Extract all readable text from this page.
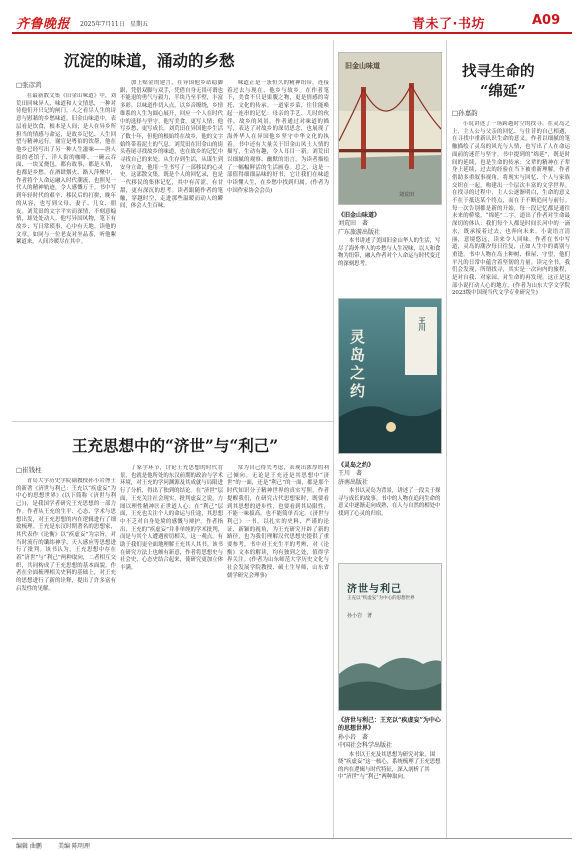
齐鲁晚报 2025年7月11日 星期五	青未了·书坊	A09
沉淀的味道，涌动的乡愁
□张彦鸿

在最新散文集《旧金山味道》中，刘荒田回味异人、味道和人文情思，一种对待他们开只记的闸门，人之看尽人生的诗意与慰藉的乡愁味道，旧金山味道中，表层看是饮食，根本是人间；是人在异乡所担当的情感与命运，是故乡记忆、人生回望与精神远行。谢宣是粤伯的饮帮，他在他乡已经写出了另一种人生滋味——唐人街的老馆子、洋人街的咖啡、一碗云吞面、一块叉烧包，都有故事，都是人情，也都是乡愁。在酒肆烟火、路人萍聚中，作者将个人命运融入时代潮流，也照见一代人的精神轨迹，令人感慨万千。书中写到年轻时代的艰辛、移民后的打拼、晚年的从容，也写到父母、妻子、儿女、朋友。刘荒田的文字平实而深情，不刻意煽情，却处处动人。他写异国风物，笔下有故乡；写日常琐事，心中有天地。读他的文章，如同与一位老友对坐品茶，听他絮絮道来，人间冷暖尽在其中。

加上贴金的建言，在异国他乡站稳脚跟，凭借双脚与双手，凭借自身无畏可谓也不能退的勇气与毅力，半块乃至半壁，丰富多彩。以味道作切入点，以乡音缭绕，乡情维系的人生为圆心展开，回应一个人在时代中的选择与坚守。他写美食，更写人情；他写乡愁，更写成长。刘荒田在异国他乡生活了数十年，但他的根始终在故乡，他的文字始终带着泥土的气息。刘荒田在旧金山的街头巷尾寻找故乡的味道，也在故乡的记忆中寻找自己的来处。从生存到生活，从谋生到安身立命，他用一生书写了一部移民的心灵史。这部散文集，既是个人的回忆录，也是一代移民的集体记忆，其中有苦涩，有甘甜，更有深沉的思考。读者跟随作者的笔触，穿越时空，走进那些温暖而动人的瞬间，体会人生百味。

味道正是一条恒久的精神纽带，连接着过去与现在、他乡与故乡。在作者笔下，美食不只是果腹之物，更是情感的寄托、文化的传承。一道家乡菜，往往能唤起一连串的记忆：母亲的手艺、儿时的伙伴、故乡的风景。作者通过对味道的描写，表达了对故乡的深切思念，也展现了海外华人在异国他乡坚守中华文化的执着。书中还有大量关于旧金山风土人情的描写，生动有趣，令人耳目一新。刘荒田以细腻的观察、幽默的语言，为读者描绘了一幅幅鲜活的生活画卷。总之，这是一部值得细细品味的好书，它让我们在味道中读懂人生，在乡愁中找到归属。(作者为中国作家协会会员)

王充思想中的“济世”与“利己”
□崔钱柱

青岛大学历史学院副教授孙小岩博士的新著《济世与利己：王充以“疾虚妄”为中心的思想世界》(以下简称《济世与利己》)，是我国学者研究王充思想的一部力作。作者从王充的生平、心态、学术与思想出发，对王充思想的内在逻辑进行了细致梳理。王充是东汉时期著名的思想家，其代表作《论衡》以“疾虚妄”为宗旨，对当时流行的谶纬神学、天人感应等思想进行了批判。该书认为，王充思想中存在着“济世”与“利己”两种取向，二者相互交织，共同构成了王充思想的基本面貌。作者在全面梳理相关史料的基础上，对王充的思想进行了新的诠释，提出了许多富有启发性的见解。

了家学环节，讨论王充思想的时代背景，也就是他所处的东汉前期的政治与学术环境，对王充的学问渊源及其成就与局限进行了分析，得出了独到的结论。在“济世”层面，王充关注社会现实，批判虚妄之说，力图以理性精神匡正世道人心；在“利己”层面，王充也关注个人的命运与仕途，其思想中不乏对自身处境的感慨与辩护。作者指出，王充的“疾虚妄”并非单纯的学术批判，而是与其个人遭遇密切相关。这一观点，有助于我们更全面地理解王充其人其书。该书在研究方法上也颇有新意，作者将思想史与社会史、心态史结合起来，使研究更加立体丰满。

常为自己得失考虑，表现出浓厚的利己倾向。无论是王充还是其思想中“济世”的一面，还是“利己”的一面，都是那个时代知识分子精神世界的真实写照。作者提醒我们，在研究古代思想家时，既要看到其思想的进步性，也要看到其局限性，不能一味拔高，也不能简单否定。《济世与利己》一书，以扎实的史料、严谨的论证、新颖的视角，为王充研究开辟了新的路径，也为我们理解汉代思想史提供了重要参考。书中对王充生平的考辨、对《论衡》文本的解读，均有独到之处，值得学界关注。(作者为山东师范大学历史文化与社会发展学院教授、硕士生导师，山东省儒学研究会理事)

旧金山味道
刘荒田
《旧金山味道》
刘荒田　著
广东旅游出版社
本书讲述了美国旧金山华人的生活，写尽了海外华人的乡愁与人生况味，以人和食物为纽带，融入作者对个人命运与时代变迁的深刻思考。
灵岛之约
王川
《灵岛之约》
王川　著
济南出版社
本书以灵岛为背景，讲述了一段关于探寻与成长的故事。书中的人物在追问生命的意义中逐渐走向成熟，在人与自然的相处中找到了心灵的归宿。
济世与利己
王充以“疾虚妄”为中心的思想世界
孙小岩　著
《济世与利己：王充以“疾虚妄”为中心的思想世界》
孙小岩　著
中国社会科学出版社
本书以王充及其思想为研究对象，围绕“疾虚妄”这一核心，系统梳理了王充思想的内在逻辑与时代特征，深入剖析了其中“济世”与“利己”两种取向。
找寻生命的
“绵延”
□孙嘉韵

小说讲述了一场跨越时空的找寻。在灵岛之上，主人公与父亲的回忆、与往昔的自己相遇，在寻找中重新认识生命的意义。作者以细腻的笔触描绘了灵岛的风光与人情，也写出了人在命运面前的迷茫与坚守。书中提到的“绵延”，既是时间的延续，也是生命的传承：父辈的精神在子辈身上延续，过去的经验在当下被重新理解。作者借助多重叙事视角，将现实与回忆、个人与家族交织在一起，构建出一个层次丰富的文学世界。在找寻的过程中，主人公逐渐明白，生命的意义不在于抵达某个终点，而在于不断追问与前行。每一次告别都是新的开始，每一段记忆都是通往未来的桥梁。“绵延”二字，道出了作者对生命最深切的体认：我们每个人都是时间长河中的一滴水，既承接着过去，也奔向未来。小说语言清丽，意境悠远，读来令人回味。作者在书中写道，灵岛的潮汐每日往复，正如人生中的离别与重逢。书中人物在岛上种树、修屋、守望，他们平凡的日常中蕴含着坚韧的力量。读完全书，我们会发现，所谓找寻，其实是一次向内的旅程，是对自我、对家园、对生命的再发现。这正是这部小说打动人心的地方。(作者为山东大学文学院2023级中国现当代文学专业研究生)

编辑 曲鹏	美编 陈明理
